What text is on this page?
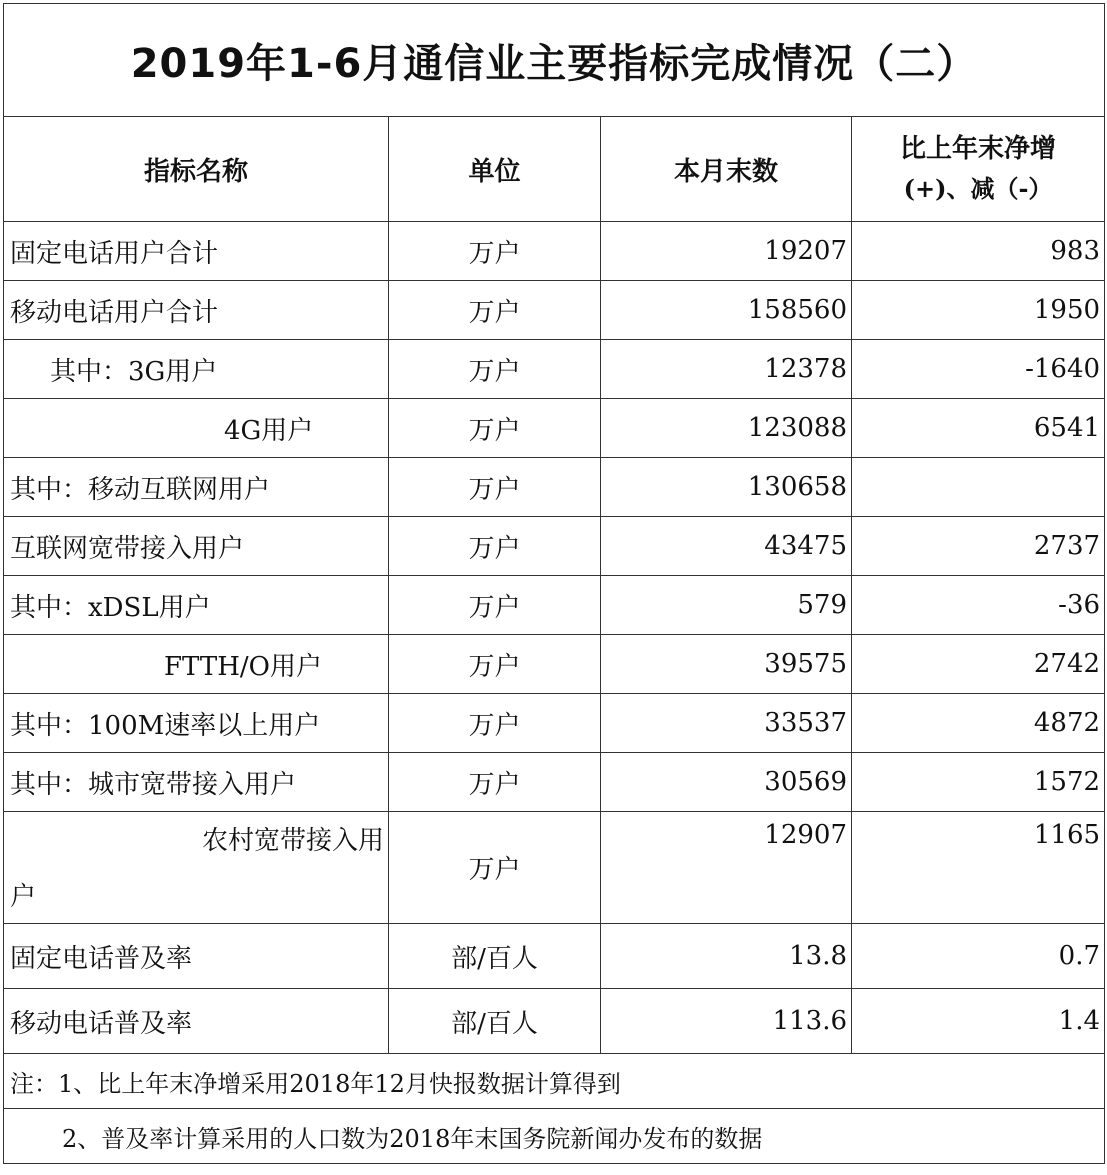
2019年1-6月通信业主要指标完成情况（二）			
指标名称	单位	本月末数	比上年末净增
(+)、减（-）

固定电话用户合计	万户	19207	983
移动电话用户合计	万户	158560	1950
其中：3G用户	万户	12378	-1640
4G用户	万户	123088	6541
其中：移动互联网用户	万户	130658	
互联网宽带接入用户	万户	43475	2737
其中：xDSL用户	万户	579	-36
FTTH/O用户	万户	39575	2742
其中：100M速率以上用户	万户	33537	4872
其中：城市宽带接入用户	万户	30569	1572

农村宽带接入用
户	万户	12907	1165
固定电话普及率	部/百人	13.8	0.7
移动电话普及率	部/百人	113.6	1.4
注：1、比上年末净增采用2018年12月快报数据计算得到			
2、普及率计算采用的人口数为2018年末国务院新闻办发布的数据			
